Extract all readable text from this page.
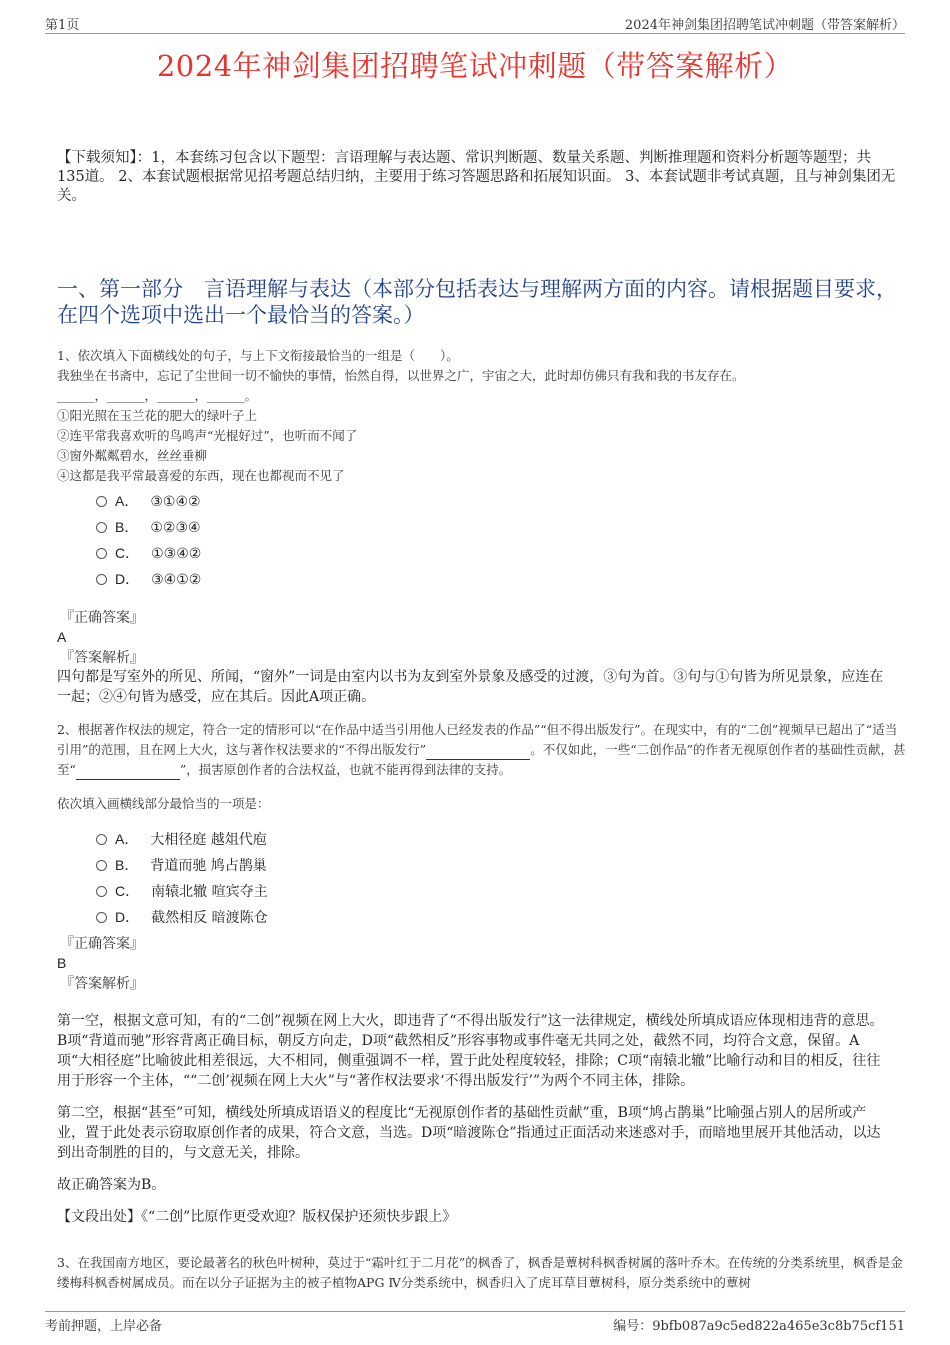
第1页	2024年神剑集团招聘笔试冲刺题（带答案解析）
2024年神剑集团招聘笔试冲刺题（带答案解析）
【下载须知】：1，本套练习包含以下题型：言语理解与表达题、常识判断题、数量关系题、判断推理题和资料分析题等题型；共135道。 2、本套试题根据常见招考题总结归纳，主要用于练习答题思路和拓展知识面。 3、本套试题非考试真题，且与神剑集团无关。
一、第一部分　言语理解与表达（本部分包括表达与理解两方面的内容。请根据题目要求，在四个选项中选出一个最恰当的答案。）

1、依次填入下面横线处的句子，与上下文衔接最恰当的一组是（　　）。

我独坐在书斋中，忘记了尘世间一切不愉快的事情，怡然自得，以世界之广，宇宙之大，此时却仿佛只有我和我的书友存在。

______，______，______，______。

①阳光照在玉兰花的肥大的绿叶子上

②连平常我喜欢听的鸟鸣声“光棍好过”，也听而不闻了

③窗外粼粼碧水，丝丝垂柳

④这都是我平常最喜爱的东西，现在也都视而不见了

A． ③①④②
B． ①②③④
C． ①③④②
D． ③④①②
『正确答案』
A
『答案解析』
四句都是写室外的所见、所闻，“窗外”一词是由室内以书为友到室外景象及感受的过渡，③句为首。③句与①句皆为所见景象，应连在一起；②④句皆为感受，应在其后。因此A项正确。

2、根据著作权法的规定，符合一定的情形可以“在作品中适当引用他人已经发表的作品”“但不得出版发行”。在现实中，有的“二创”视频早已超出了“适当引用”的范围，且在网上大火，这与著作权法要求的“不得出版发行”	。不仅如此，一些“二创作品”的作者无视原创作者的基础性贡献，甚至“	”，损害原创作者的合法权益，也就不能再得到法律的支持。

依次填入画横线部分最恰当的一项是：
A． 大相径庭 越俎代庖
B． 背道而驰 鸠占鹊巢
C． 南辕北辙 喧宾夺主
D． 截然相反 暗渡陈仓
『正确答案』
B
『答案解析』

第一空，根据文意可知，有的“二创”视频在网上大火，即违背了“不得出版发行”这一法律规定，横线处所填成语应体现相违背的意思。B项“背道而驰”形容背离正确目标，朝反方向走，D项“截然相反”形容事物或事件毫无共同之处，截然不同，均符合文意，保留。A项“大相径庭”比喻彼此相差很远，大不相同，侧重强调不一样，置于此处程度较轻，排除；C项“南辕北辙”比喻行动和目的相反，往往用于形容一个主体，““二创’视频在网上大火”与“著作权法要求‘不得出版发行’”为两个不同主体，排除。

第二空，根据“甚至”可知，横线处所填成语语义的程度比“无视原创作者的基础性贡献”重，B项“鸠占鹊巢”比喻强占别人的居所或产业，置于此处表示窃取原创作者的成果，符合文意，当选。D项“暗渡陈仓”指通过正面活动来迷惑对手，而暗地里展开其他活动，以达到出奇制胜的目的，与文意无关，排除。

故正确答案为B。

【文段出处】《“二创”比原作更受欢迎？版权保护还须快步跟上》

3、在我国南方地区，要论最著名的秋色叶树种，莫过于“霜叶红于二月花”的枫香了，枫香是蕈树科枫香树属的落叶乔木。在传统的分类系统里，枫香是金缕梅科枫香树属成员。而在以分子证据为主的被子植物APG Ⅳ分类系统中，枫香归入了虎耳草目蕈树科，原分类系统中的蕈树

考前押题，上岸必备	编号：9bfb087a9c5ed822a465e3c8b75cf151
